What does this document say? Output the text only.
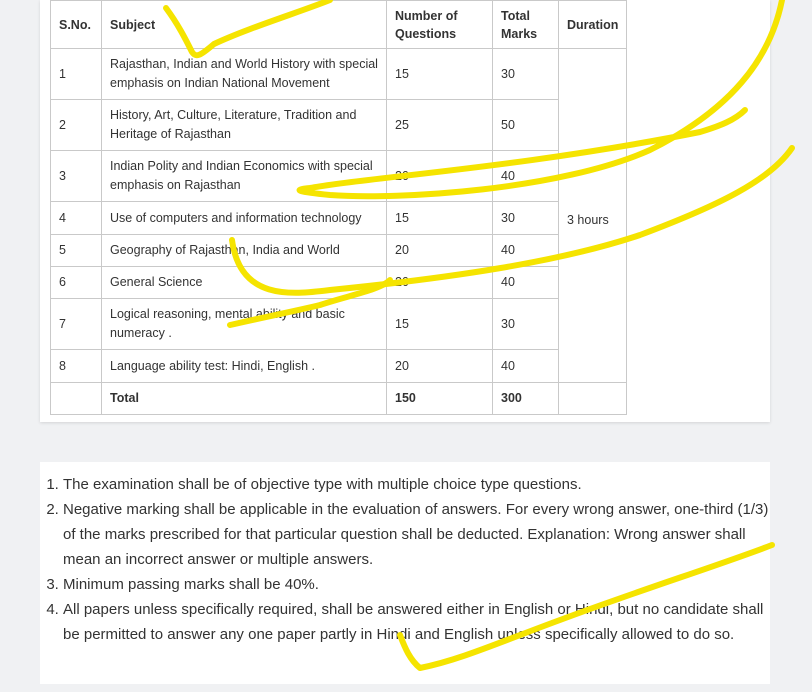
S.No.	Subject	Number of Questions	Total Marks	Duration
1	Rajasthan, Indian and World History with special emphasis on Indian National Movement	15	30	3 hours
2	History, Art, Culture, Literature, Tradition and Heritage of Rajasthan	25	50	
3	Indian Polity and Indian Economics with special emphasis on Rajasthan	20	40	
4	Use of computers and information technology	15	30	
5	Geography of Rajasthan, India and World	20	40	
6	General Science	20	40	
7	Logical reasoning, mental ability and basic numeracy .	15	30	
8	Language ability test: Hindi, English .	20	40	
	Total	150	300	
1. The examination shall be of objective type with multiple choice type questions.
2. Negative marking shall be applicable in the evaluation of answers. For every wrong answer, one-third (1/3) of the marks prescribed for that particular question shall be deducted. Explanation: Wrong answer shall mean an incorrect answer or multiple answers.
3. Minimum passing marks shall be 40%.
4. All papers unless specifically required, shall be answered either in English or Hindi, but no candidate shall be permitted to answer any one paper partly in Hindi and English unless specifically allowed to do so.
